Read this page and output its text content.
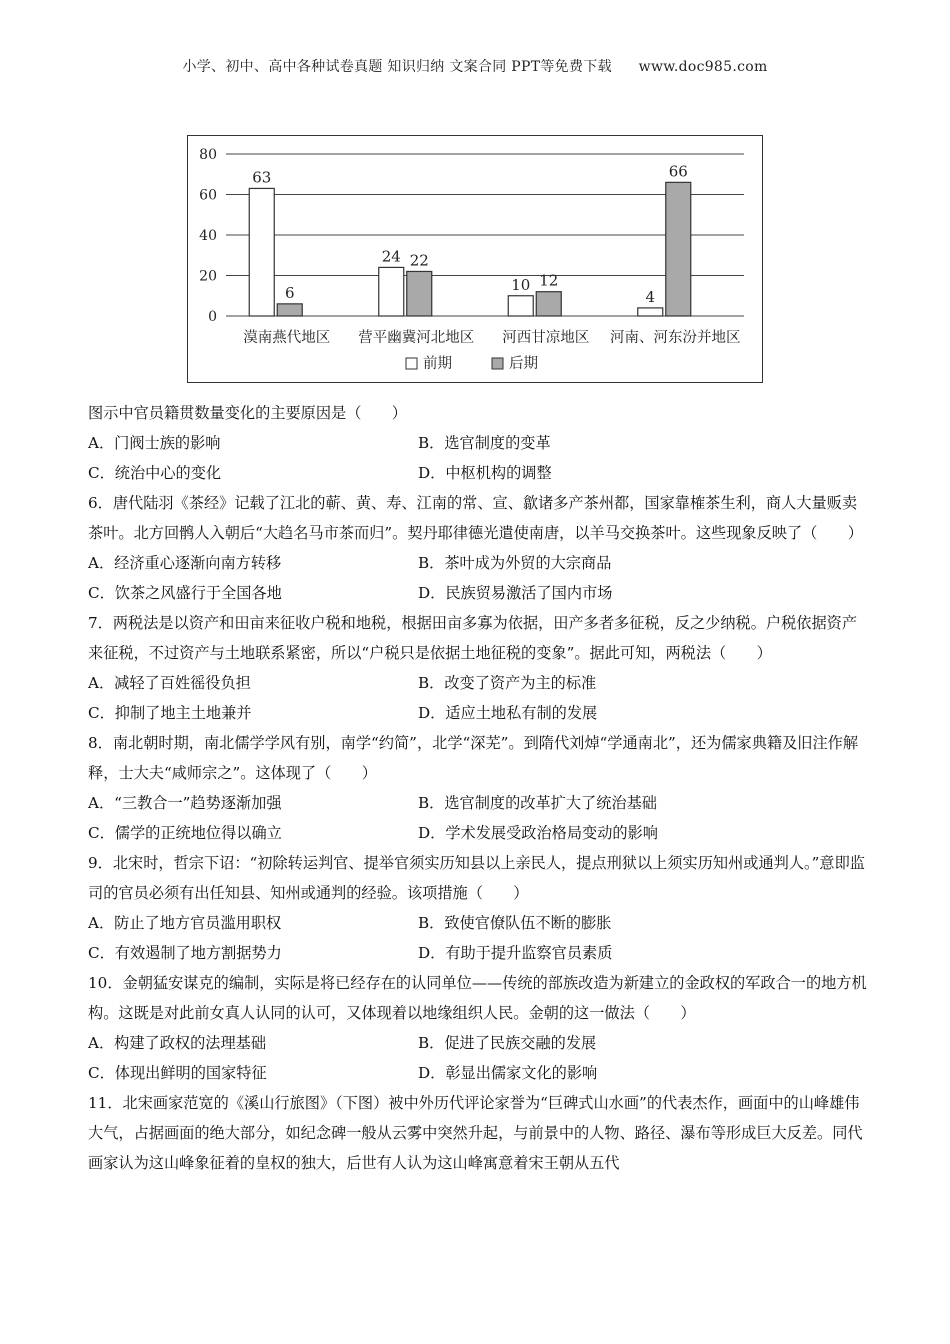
小学、初中、高中各种试卷真题 知识归纳 文案合同 PPT等免费下载 www.doc985.com
0
20
40
60
80
63
6
漠南燕代地区
24 22
营平幽冀河北地区
10 12
河西甘凉地区
4
66
河南、河东汾并地区
前期	后期

图示中官员籍贯数量变化的主要原因是（　　）

A．门阀士族的影响	B．选官制度的变革
C．统治中心的变化	D．中枢机构的调整

6．唐代陆羽《茶经》记载了江北的蕲、黄、寿、江南的常、宣、歙诸多产茶州都，国家靠榷茶生利，商人大量贩卖茶叶。北方回鹘人入朝后“大趋名马市茶而归”。契丹耶律德光遣使南唐，以羊马交换茶叶。这些现象反映了（　　）

A．经济重心逐渐向南方转移	B．茶叶成为外贸的大宗商品
C．饮茶之风盛行于全国各地	D．民族贸易激活了国内市场

7．两税法是以资产和田亩来征收户税和地税，根据田亩多寡为依据，田产多者多征税，反之少纳税。户税依据资产来征税，不过资产与土地联系紧密，所以“户税只是依据土地征税的变象”。据此可知，两税法（　　）

A．减轻了百姓徭役负担	B．改变了资产为主的标准
C．抑制了地主土地兼并	D．适应土地私有制的发展

8．南北朝时期，南北儒学学风有别，南学“约简”，北学“深芜”。到隋代刘焯“学通南北”，还为儒家典籍及旧注作解释，士大夫“咸师宗之”。这体现了（　　）

A．“三教合一”趋势逐渐加强	B．选官制度的改革扩大了统治基础
C．儒学的正统地位得以确立	D．学术发展受政治格局变动的影响

9．北宋时，哲宗下诏：“初除转运判官、提举官须实历知县以上亲民人，提点刑狱以上须实历知州或通判人。”意即监司的官员必须有出任知县、知州或通判的经验。该项措施（　　）

A．防止了地方官员滥用职权	B．致使官僚队伍不断的膨胀
C．有效遏制了地方割据势力	D．有助于提升监察官员素质

10．金朝猛安谋克的编制，实际是将已经存在的认同单位——传统的部族改造为新建立的金政权的军政合一的地方机构。这既是对此前女真人认同的认可，又体现着以地缘组织人民。金朝的这一做法（　　）

A．构建了政权的法理基础	B．促进了民族交融的发展
C．体现出鲜明的国家特征	D．彰显出儒家文化的影响

11．北宋画家范宽的《溪山行旅图》（下图）被中外历代评论家誉为“巨碑式山水画”的代表杰作，画面中的山峰雄伟大气，占据画面的绝大部分，如纪念碑一般从云雾中突然升起，与前景中的人物、路径、瀑布等形成巨大反差。同代画家认为这山峰象征着的皇权的独大，后世有人认为这山峰寓意着宋王朝从五代
